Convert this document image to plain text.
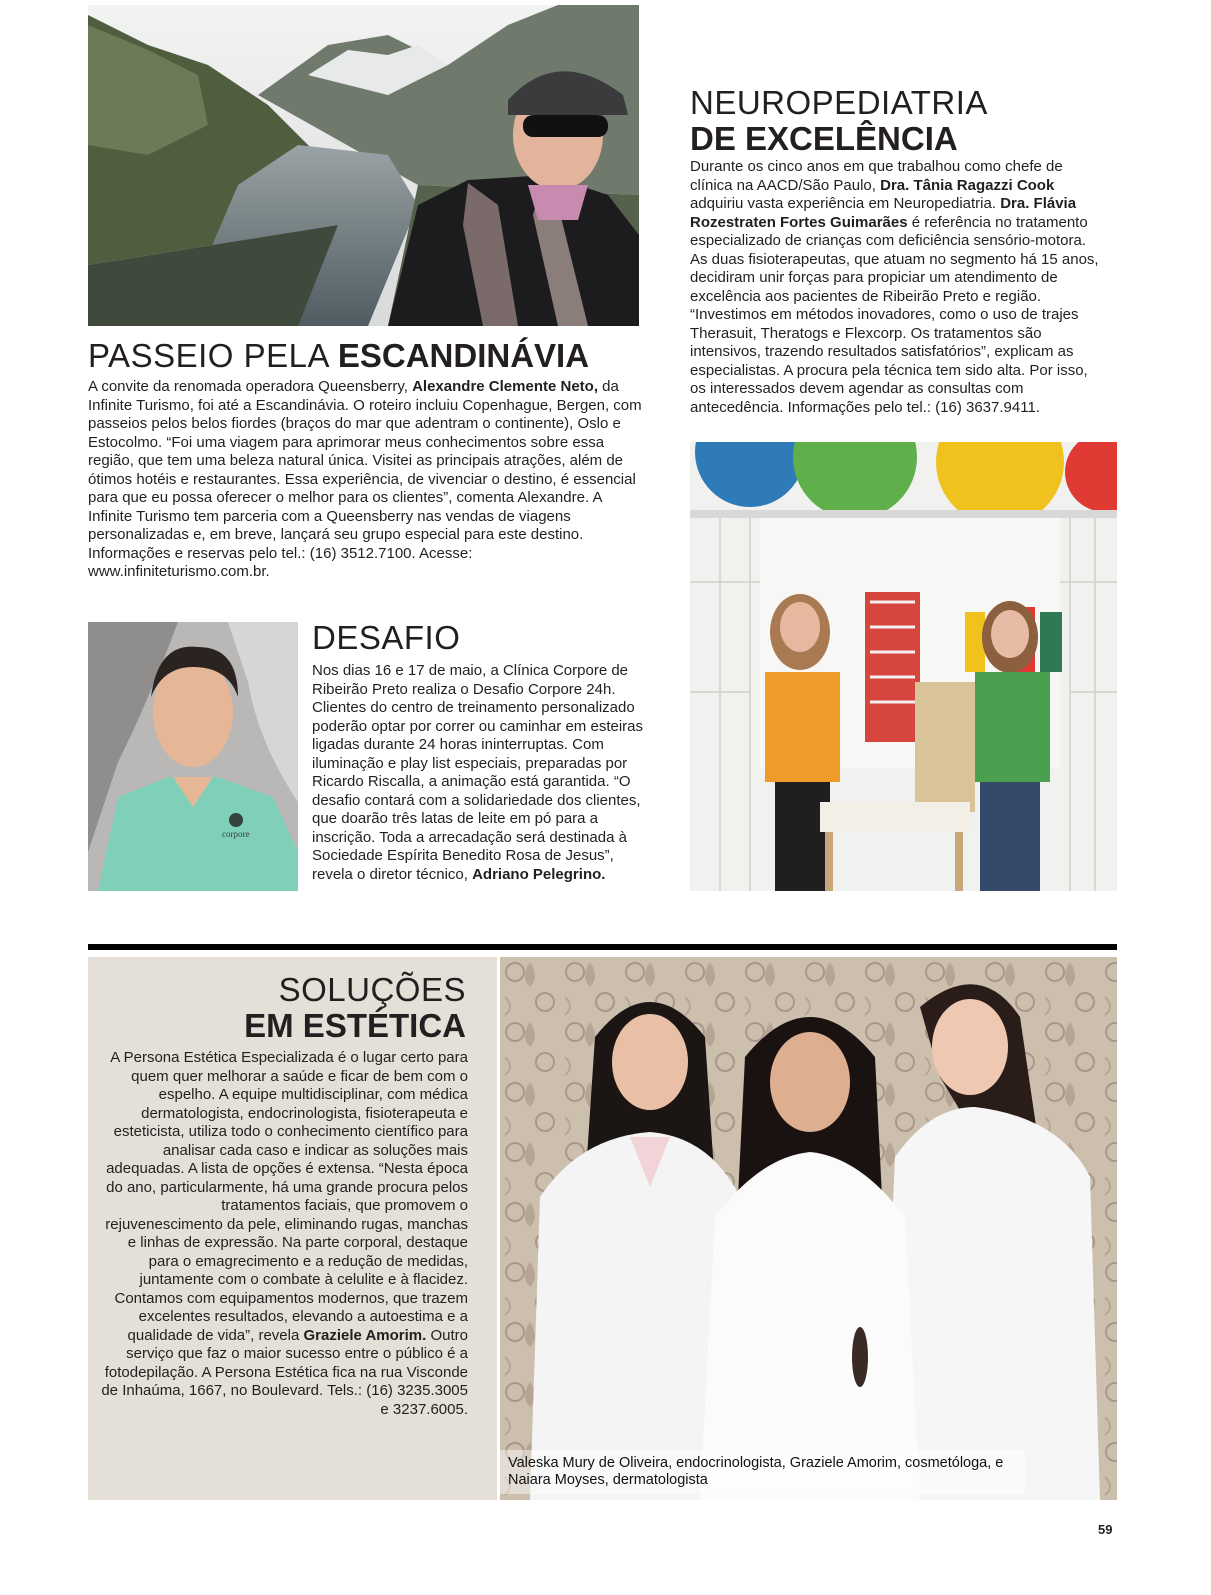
PASSEIO PELA ESCANDINÁVIA
A convite da renomada operadora Queensberry, Alexandre Clemente Neto, da Infinite Turismo, foi até a Escandinávia. O roteiro incluiu Copenhague, Bergen, com passeios pelos belos fiordes (braços do mar que adentram o continente), Oslo e Estocolmo. “Foi uma viagem para aprimorar meus conhecimentos sobre essa região, que tem uma beleza natural única. Visitei as principais atrações, além de ótimos hotéis e restaurantes. Essa experiência, de vivenciar o destino, é essencial para que eu possa oferecer o melhor para os clientes”, comenta Alexandre. A Infinite Turismo tem parceria com a Queensberry nas vendas de viagens personalizadas e, em breve, lançará seu grupo especial para este destino. Informações e reservas pelo tel.: (16) 3512.7100. Acesse: www.infiniteturismo.com.br.
NEUROPEDIATRIA
DE EXCELÊNCIA
Durante os cinco anos em que trabalhou como chefe de clínica na AACD/São Paulo, Dra. Tânia Ragazzi Cook adquiriu vasta experiência em Neuropediatria. Dra. Flávia Rozestraten Fortes Guimarães é referência no tratamento especializado de crianças com deficiência sensório-motora. As duas fisioterapeutas, que atuam no segmento há 15 anos, decidiram unir forças para propiciar um atendimento de excelência aos pacientes de Ribeirão Preto e região. “Investimos em métodos inovadores, como o uso de trajes Therasuit, Theratogs e Flexcorp. Os tratamentos são intensivos, trazendo resultados satisfatórios”, explicam as especialistas. A procura pela técnica tem sido alta. Por isso, os interessados devem agendar as consultas com antecedência. Informações pelo tel.: (16) 3637.9411.
corpore
DESAFIO
Nos dias 16 e 17 de maio, a Clínica Corpore de Ribeirão Preto realiza o Desafio Corpore 24h. Clientes do centro de treinamento personalizado poderão optar por correr ou caminhar em esteiras ligadas durante 24 horas ininterruptas. Com iluminação e play list especiais, preparadas por Ricardo Riscalla, a animação está garantida. “O desafio contará com a solidariedade dos clientes, que doarão três latas de leite em pó para a inscrição. Toda a arrecadação será destinada à Sociedade Espírita Benedito Rosa de Jesus”, revela o diretor técnico, Adriano Pelegrino.
SOLUÇÕES
EM ESTÉTICA
A Persona Estética Especializada é o lugar certo para quem quer melhorar a saúde e ficar de bem com o espelho. A equipe multidisciplinar, com médica dermatologista, endocrinologista, fisioterapeuta e esteticista, utiliza todo o conhecimento científico para analisar cada caso e indicar as soluções mais adequadas. A lista de opções é extensa. “Nesta época do ano, particularmente, há uma grande procura pelos tratamentos faciais, que promovem o rejuvenescimento da pele, eliminando rugas, manchas e linhas de expressão. Na parte corporal, destaque para o emagrecimento e a redução de medidas, juntamente com o combate à celulite e à flacidez. Contamos com equipamentos modernos, que trazem excelentes resultados, elevando a autoestima e a qualidade de vida”, revela Graziele Amorim. Outro serviço que faz o maior sucesso entre o público é a fotodepilação. A Persona Estética fica na rua Visconde de Inhaúma, 1667, no Boulevard. Tels.: (16) 3235.3005 e 3237.6005.
Valeska Mury de Oliveira, endocrinologista, Graziele Amorim, cosmetóloga, e Naiara Moyses, dermatologista
59
